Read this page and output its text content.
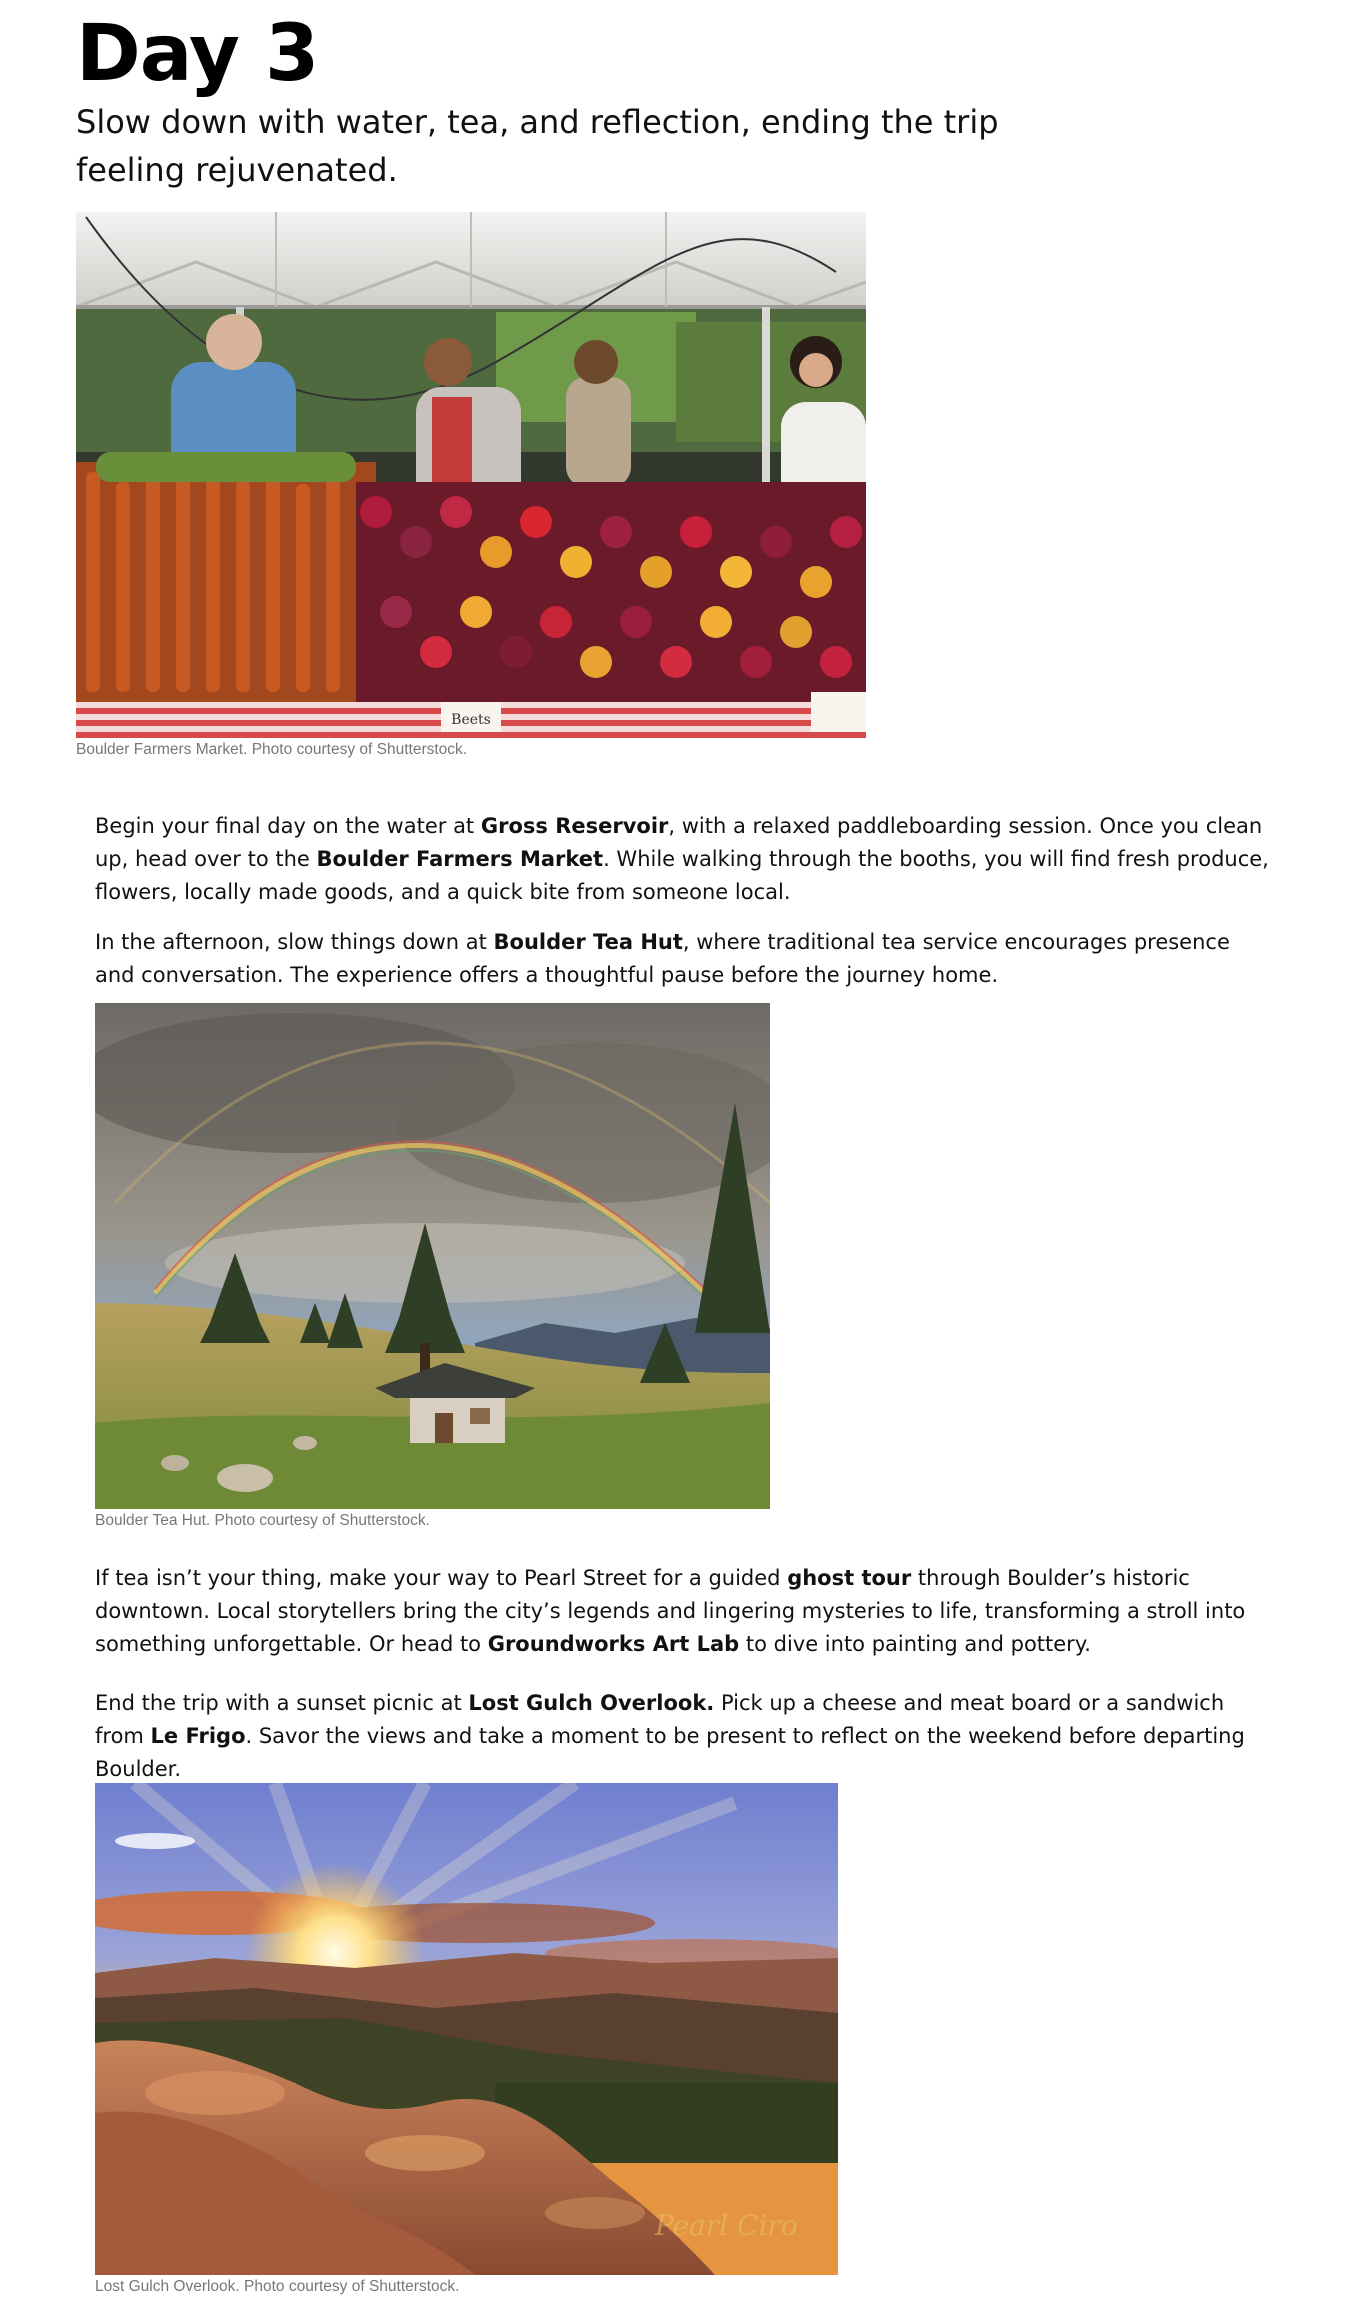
Day 3

Slow down with water, tea, and reflection, ending the trip feeling rejuvenated.

Beets
Boulder Farmers Market. Photo courtesy of Shutterstock.

Begin your final day on the water at Gross Reservoir, with a relaxed paddleboarding session. Once you clean up, head over to the Boulder Farmers Market. While walking through the booths, you will find fresh produce, flowers, locally made goods, and a quick bite from someone local.

In the afternoon, slow things down at Boulder Tea Hut, where traditional tea service encourages presence and conversation. The experience offers a thoughtful pause before the journey home.

Boulder Tea Hut. Photo courtesy of Shutterstock.

If tea isn’t your thing, make your way to Pearl Street for a guided ghost tour through Boulder’s historic downtown. Local storytellers bring the city’s legends and lingering mysteries to life, transforming a stroll into something unforgettable. Or head to Groundworks Art Lab to dive into painting and pottery.

End the trip with a sunset picnic at Lost Gulch Overlook. Pick up a cheese and meat board or a sandwich from Le Frigo. Savor the views and take a moment to be present to reflect on the weekend before departing Boulder.

Pearl Ciro
Lost Gulch Overlook. Photo courtesy of Shutterstock.
